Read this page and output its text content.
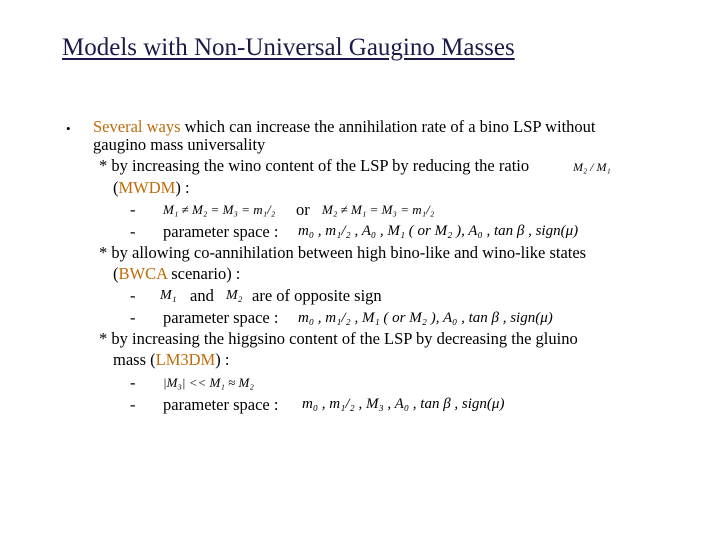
Models with Non-Universal Gaugino Masses
• Several ways which can increase the annihilation rate of a bino LSP without
gaugino mass universality
* by increasing the wino content of the LSP by reducing the ratio	M₂ / M₁
(MWDM) :
- M₁ ≠ M₂ = M₃ = m₁/₂ or M₂ ≠ M₁ = M₃ = m₁/₂
- parameter space : m₀ , m₁/₂ , A₀ , M₁ ( or M₂ ), A₀ , tan β , sign(μ)
* by allowing co-annihilation between high bino-like and wino-like states
(BWCA scenario) :
- M₁ and M₂ are of opposite sign
- parameter space : m₀ , m₁/₂ , M₁ ( or M₂ ), A₀ , tan β , sign(μ)
* by increasing the higgsino content of the LSP by decreasing the gluino
mass (LM3DM) :
- |M₃| << M₁ ≈ M₂
- parameter space : m₀ , m₁/₂ , M₃ , A₀ , tan β , sign(μ)
